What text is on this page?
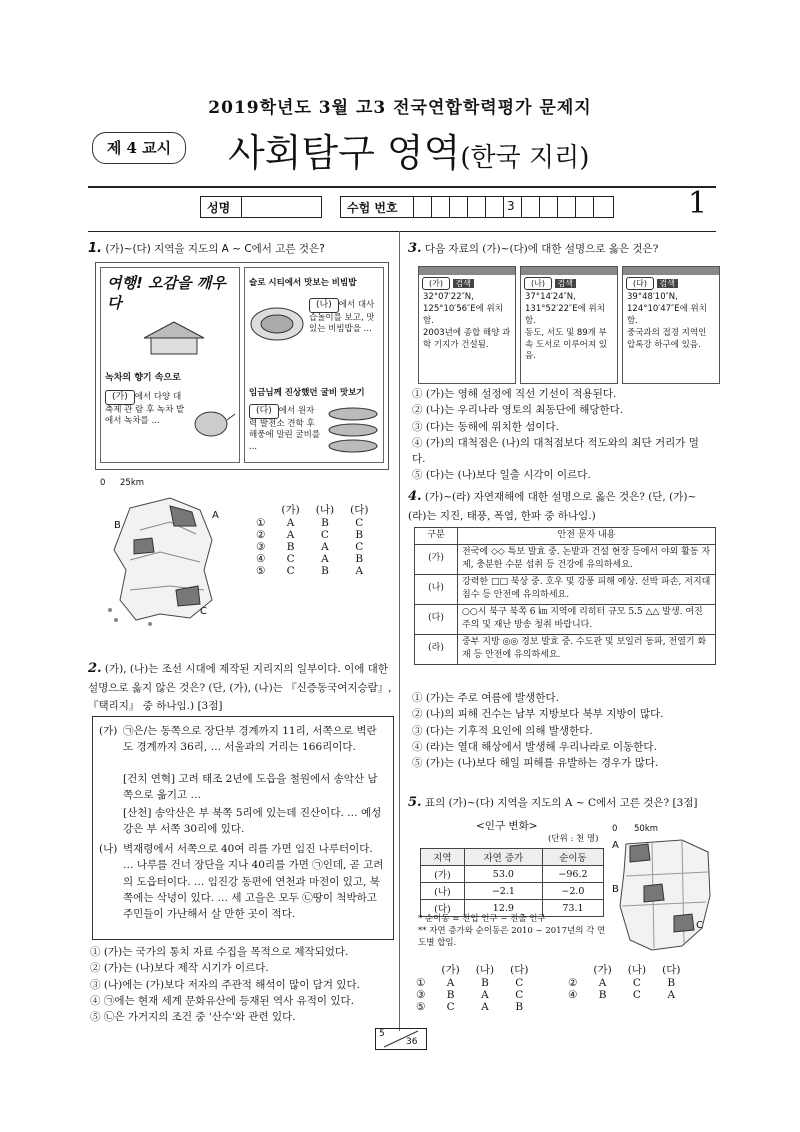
2019학년도 3월 고3 전국연합학력평가 문제지
제 4 교시	사회탐구 영역(한국 지리)
성명	수험 번호	3	1
1. (가)~(다) 지역을 지도의 A ~ C에서 고른 것은?
여행! 오감을 깨우다
녹차의 향기 속으로
(가) 에서 다양 대축제 관 람 후 녹차 밭 에서 녹차를 ...
슬로 시티에서 맛보는 비빔밥
(나) 에서 대사습놀이를 보고, 맛있는 비빔밥을 ...
임금님께 진상했던 굴비 맛보기
(다) 에서 원자력 발전소 견학 후 해풍에 말린 굴비를 ...
0 25km
A
B
C
	(가)	(나)	(다)
①	A	B	C
②	A	C	B
③	B	A	C
④	C	A	B
⑤	C	B	A
2. (가), (나)는 조선 시대에 제작된 지리지의 일부이다. 이에 대한 설명으로 옳지 않은 것은? (단, (가), (나)는 『신증동국여지승람』, 『택리지』 중 하나임.) [3점]
(가) ㉠은/는 동쪽으로 장단부 경계까지 11리, 서쪽으로 벽란도 경계까지 36리, … 서울과의 거리는 166리이다.
[건치 연혁] 고려 태조 2년에 도읍을 철원에서 송악산 남쪽으로 옮기고 …
[산천] 송악산은 부 북쪽 5리에 있는데 진산이다. … 예성강은 부 서쪽 30리에 있다.
(나) 벽재령에서 서쪽으로 40여 리를 가면 임진 나루터이다. … 나루를 건너 장단을 지나 40리를 가면 ㉠인데, 곧 고려의 도읍터이다. … 임진강 동편에 연천과 마전이 있고, 북쪽에는 삭녕이 있다. … 세 고을은 모두 ㉡땅이 척박하고 주민들이 가난해서 살 만한 곳이 적다.
① (가)는 국가의 통치 자료 수집을 목적으로 제작되었다.
② (가)는 (나)보다 제작 시기가 이르다.
③ (나)에는 (가)보다 저자의 주관적 해석이 많이 담겨 있다.
④ ㉠에는 현재 세계 문화유산에 등재된 역사 유적이 있다.
⑤ ㉡은 가거지의 조건 중 '산수'와 관련 있다.
3. 다음 자료의 (가)~(다)에 대한 설명으로 옳은 것은?
(가) 검색
32°07′22″N, 125°10′56″E에 위치함.
2003년에 종합 해양 과학 기지가 건설됨.
(나) 검색
37°14′24″N, 131°52′22″E에 위치함.
동도, 서도 및 89개 부속 도서로 이루어져 있음.
(다) 검색
39°48′10″N, 124°10′47″E에 위치함.
중국과의 접경 지역인 압록강 하구에 있음.
① (가)는 영해 설정에 직선 기선이 적용된다.
② (나)는 우리나라 영토의 최동단에 해당한다.
③ (다)는 동해에 위치한 섬이다.
④ (가)의 대척점은 (나)의 대척점보다 적도와의 최단 거리가 멀다.
⑤ (다)는 (나)보다 일출 시각이 이르다.
4. (가)~(라) 자연재해에 대한 설명으로 옳은 것은? (단, (가)~(라)는 지진, 태풍, 폭염, 한파 중 하나임.)
구분	안전 문자 내용
(가)	전국에 ◇◇ 특보 발효 중. 논밭과 건설 현장 등에서 야외 활동 자제, 충분한 수분 섭취 등 건강에 유의하세요.
(나)	강력한 □□ 북상 중. 호우 및 강풍 피해 예상. 선박 파손, 저지대 침수 등 안전에 유의하세요.
(다)	○○시 북구 북쪽 6 ㎞ 지역에 리히터 규모 5.5 △△ 발생. 여진 주의 및 재난 방송 청취 바랍니다.
(라)	중부 지방 ◎◎ 경보 발효 중. 수도관 및 보일러 동파, 전열기 화재 등 안전에 유의하세요.
① (가)는 주로 여름에 발생한다.
② (나)의 피해 건수는 남부 지방보다 북부 지방이 많다.
③ (다)는 기후적 요인에 의해 발생한다.
④ (라)는 열대 해상에서 발생해 우리나라로 이동한다.
⑤ (가)는 (나)보다 해일 피해를 유발하는 경우가 많다.
5. 표의 (가)~(다) 지역을 지도의 A ~ C에서 고른 것은? [3점]
<인구 변화>
(단위 : 천 명)
지역	자연 증가	순이동
(가)	53.0	−96.2
(나)	−2.1	−2.0
(다)	12.9	73.1
* 순이동 = 전입 인구 − 전출 인구
** 자연 증가와 순이동은 2010 ~ 2017년의 각 연도별 합임.
0 50km
A
B
C
	(가)	(나)	(다)
①	A	B	C
③	B	A	C
⑤	C	A	B
	(가)	(나)	(다)
②	A	C	B
④	B	C	A
5
36
